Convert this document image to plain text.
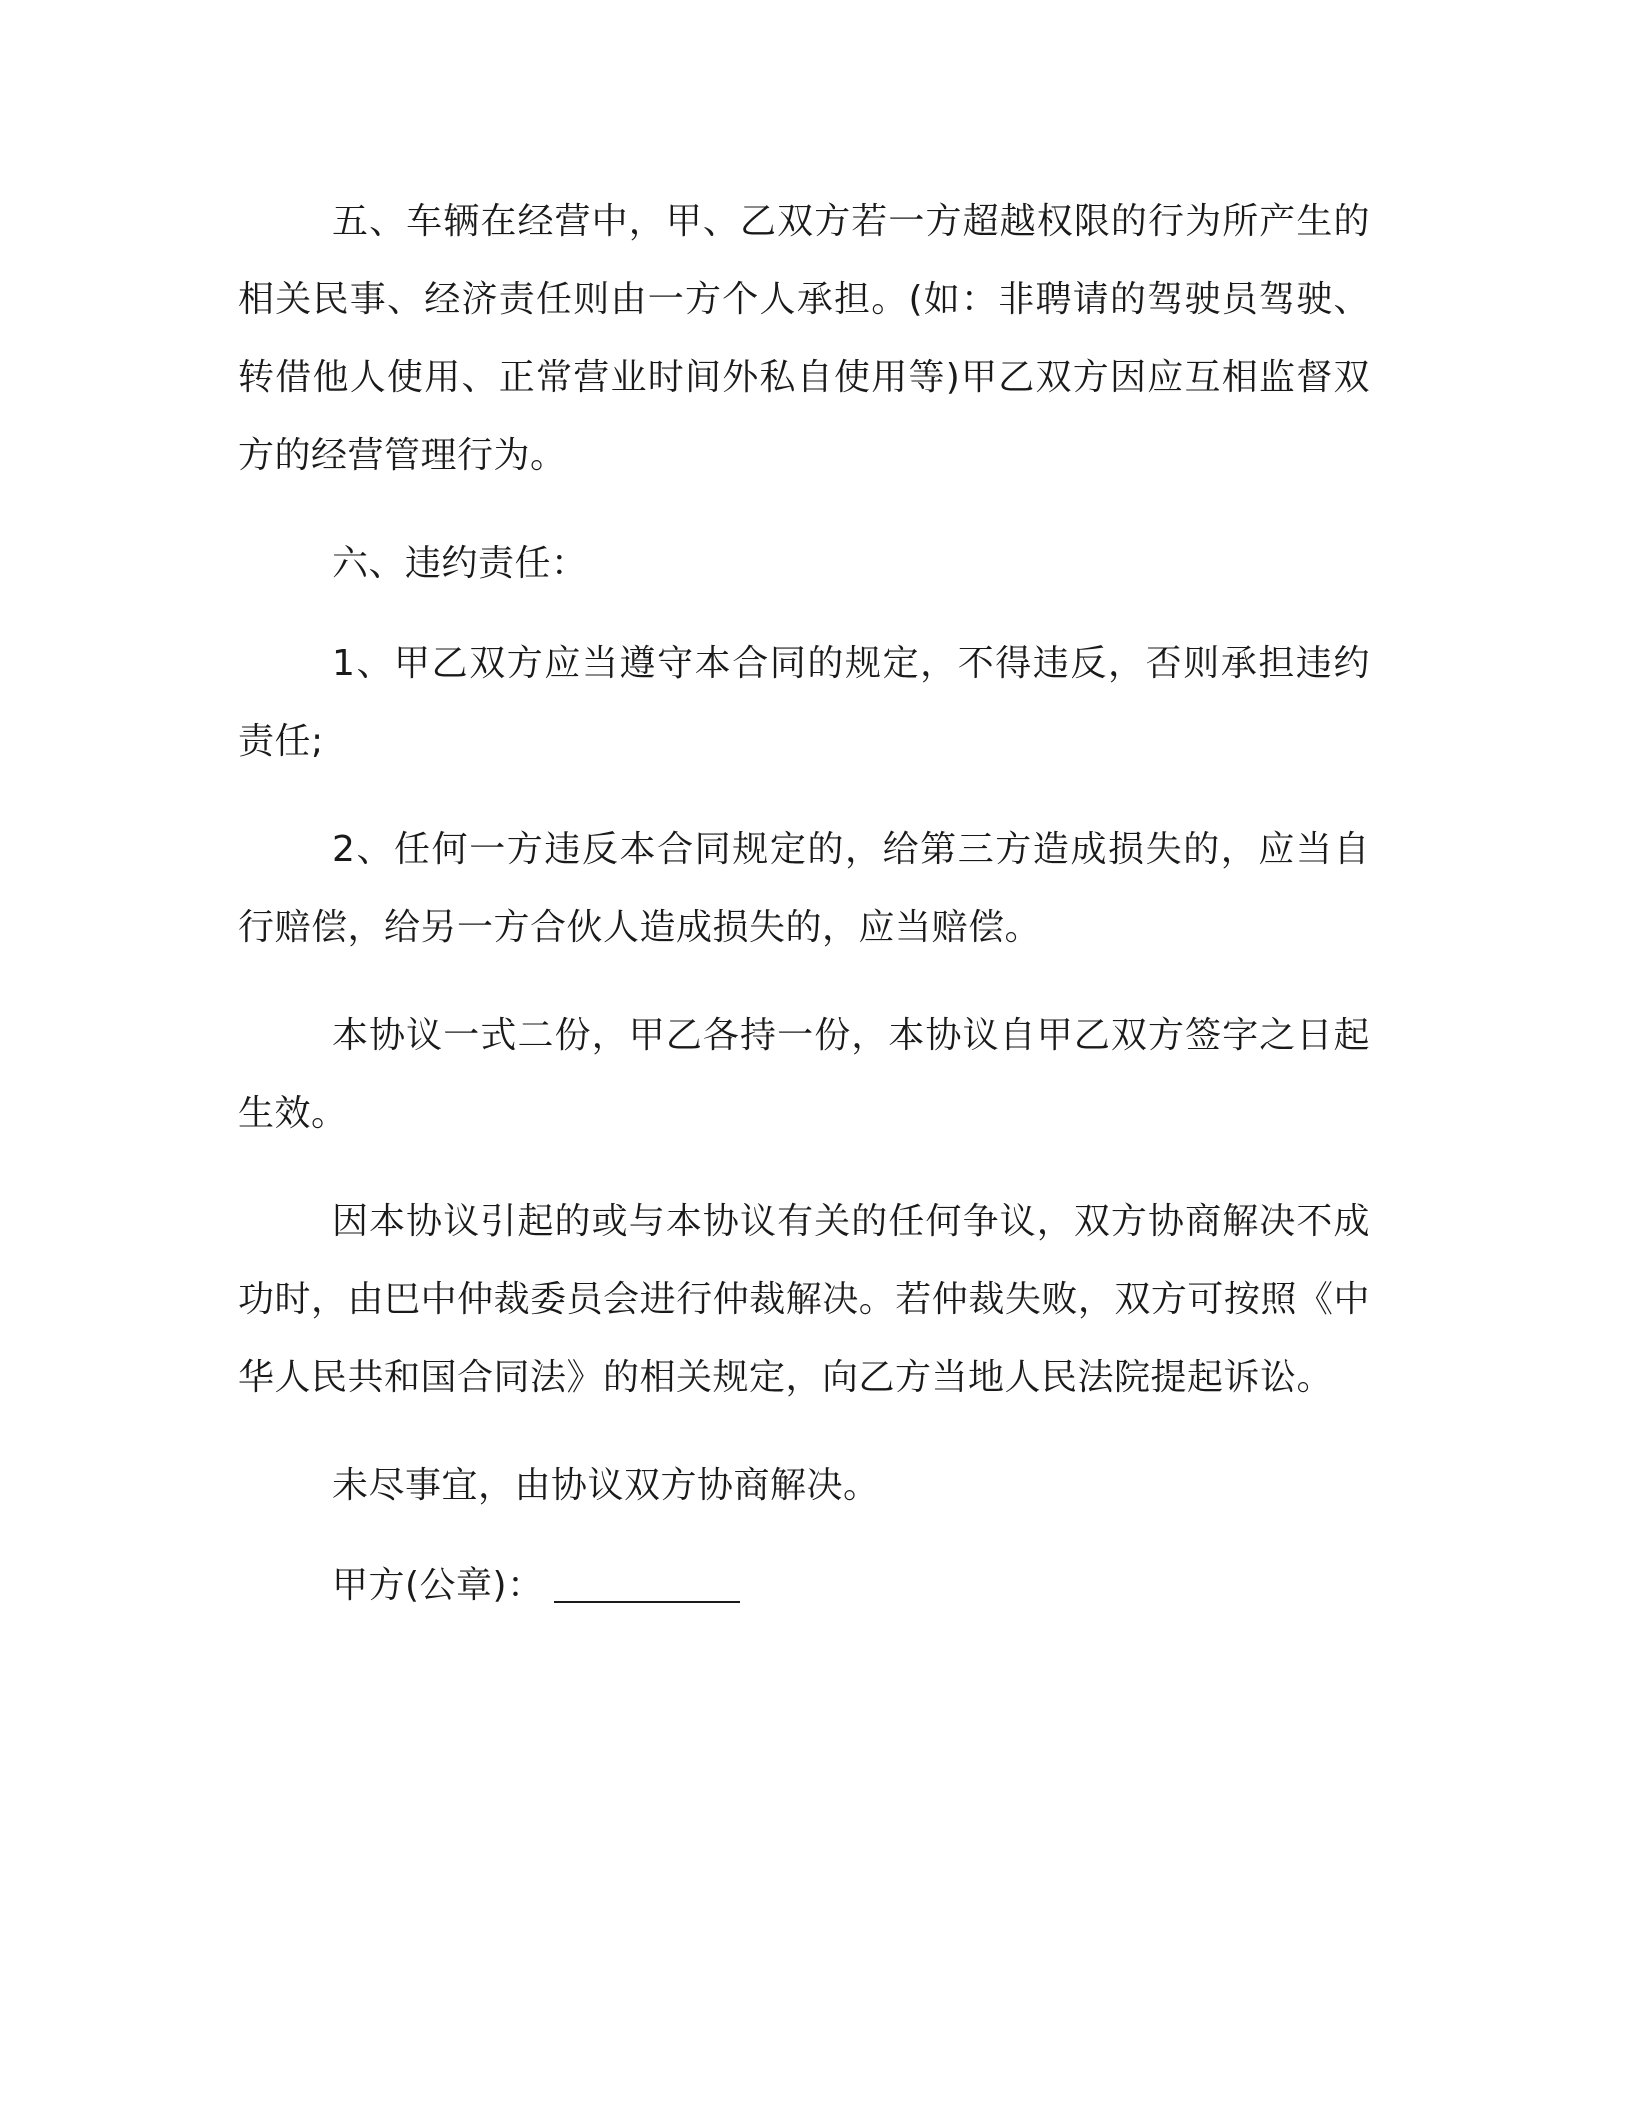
五、车辆在经营中，甲、乙双方若一方超越权限的行为所产生的相关民事、经济责任则由一方个人承担。(如：非聘请的驾驶员驾驶、转借他人使用、正常营业时间外私自使用等)甲乙双方因应互相监督双方的经营管理行为。

六、违约责任：

1、甲乙双方应当遵守本合同的规定，不得违反，否则承担违约责任;

2、任何一方违反本合同规定的，给第三方造成损失的，应当自行赔偿，给另一方合伙人造成损失的，应当赔偿。

本协议一式二份，甲乙各持一份，本协议自甲乙双方签字之日起生效。

因本协议引起的或与本协议有关的任何争议，双方协商解决不成功时，由巴中仲裁委员会进行仲裁解决。若仲裁失败，双方可按照《中华人民共和国合同法》的相关规定，向乙方当地人民法院提起诉讼。

未尽事宜，由协议双方协商解决。

甲方(公章)：
